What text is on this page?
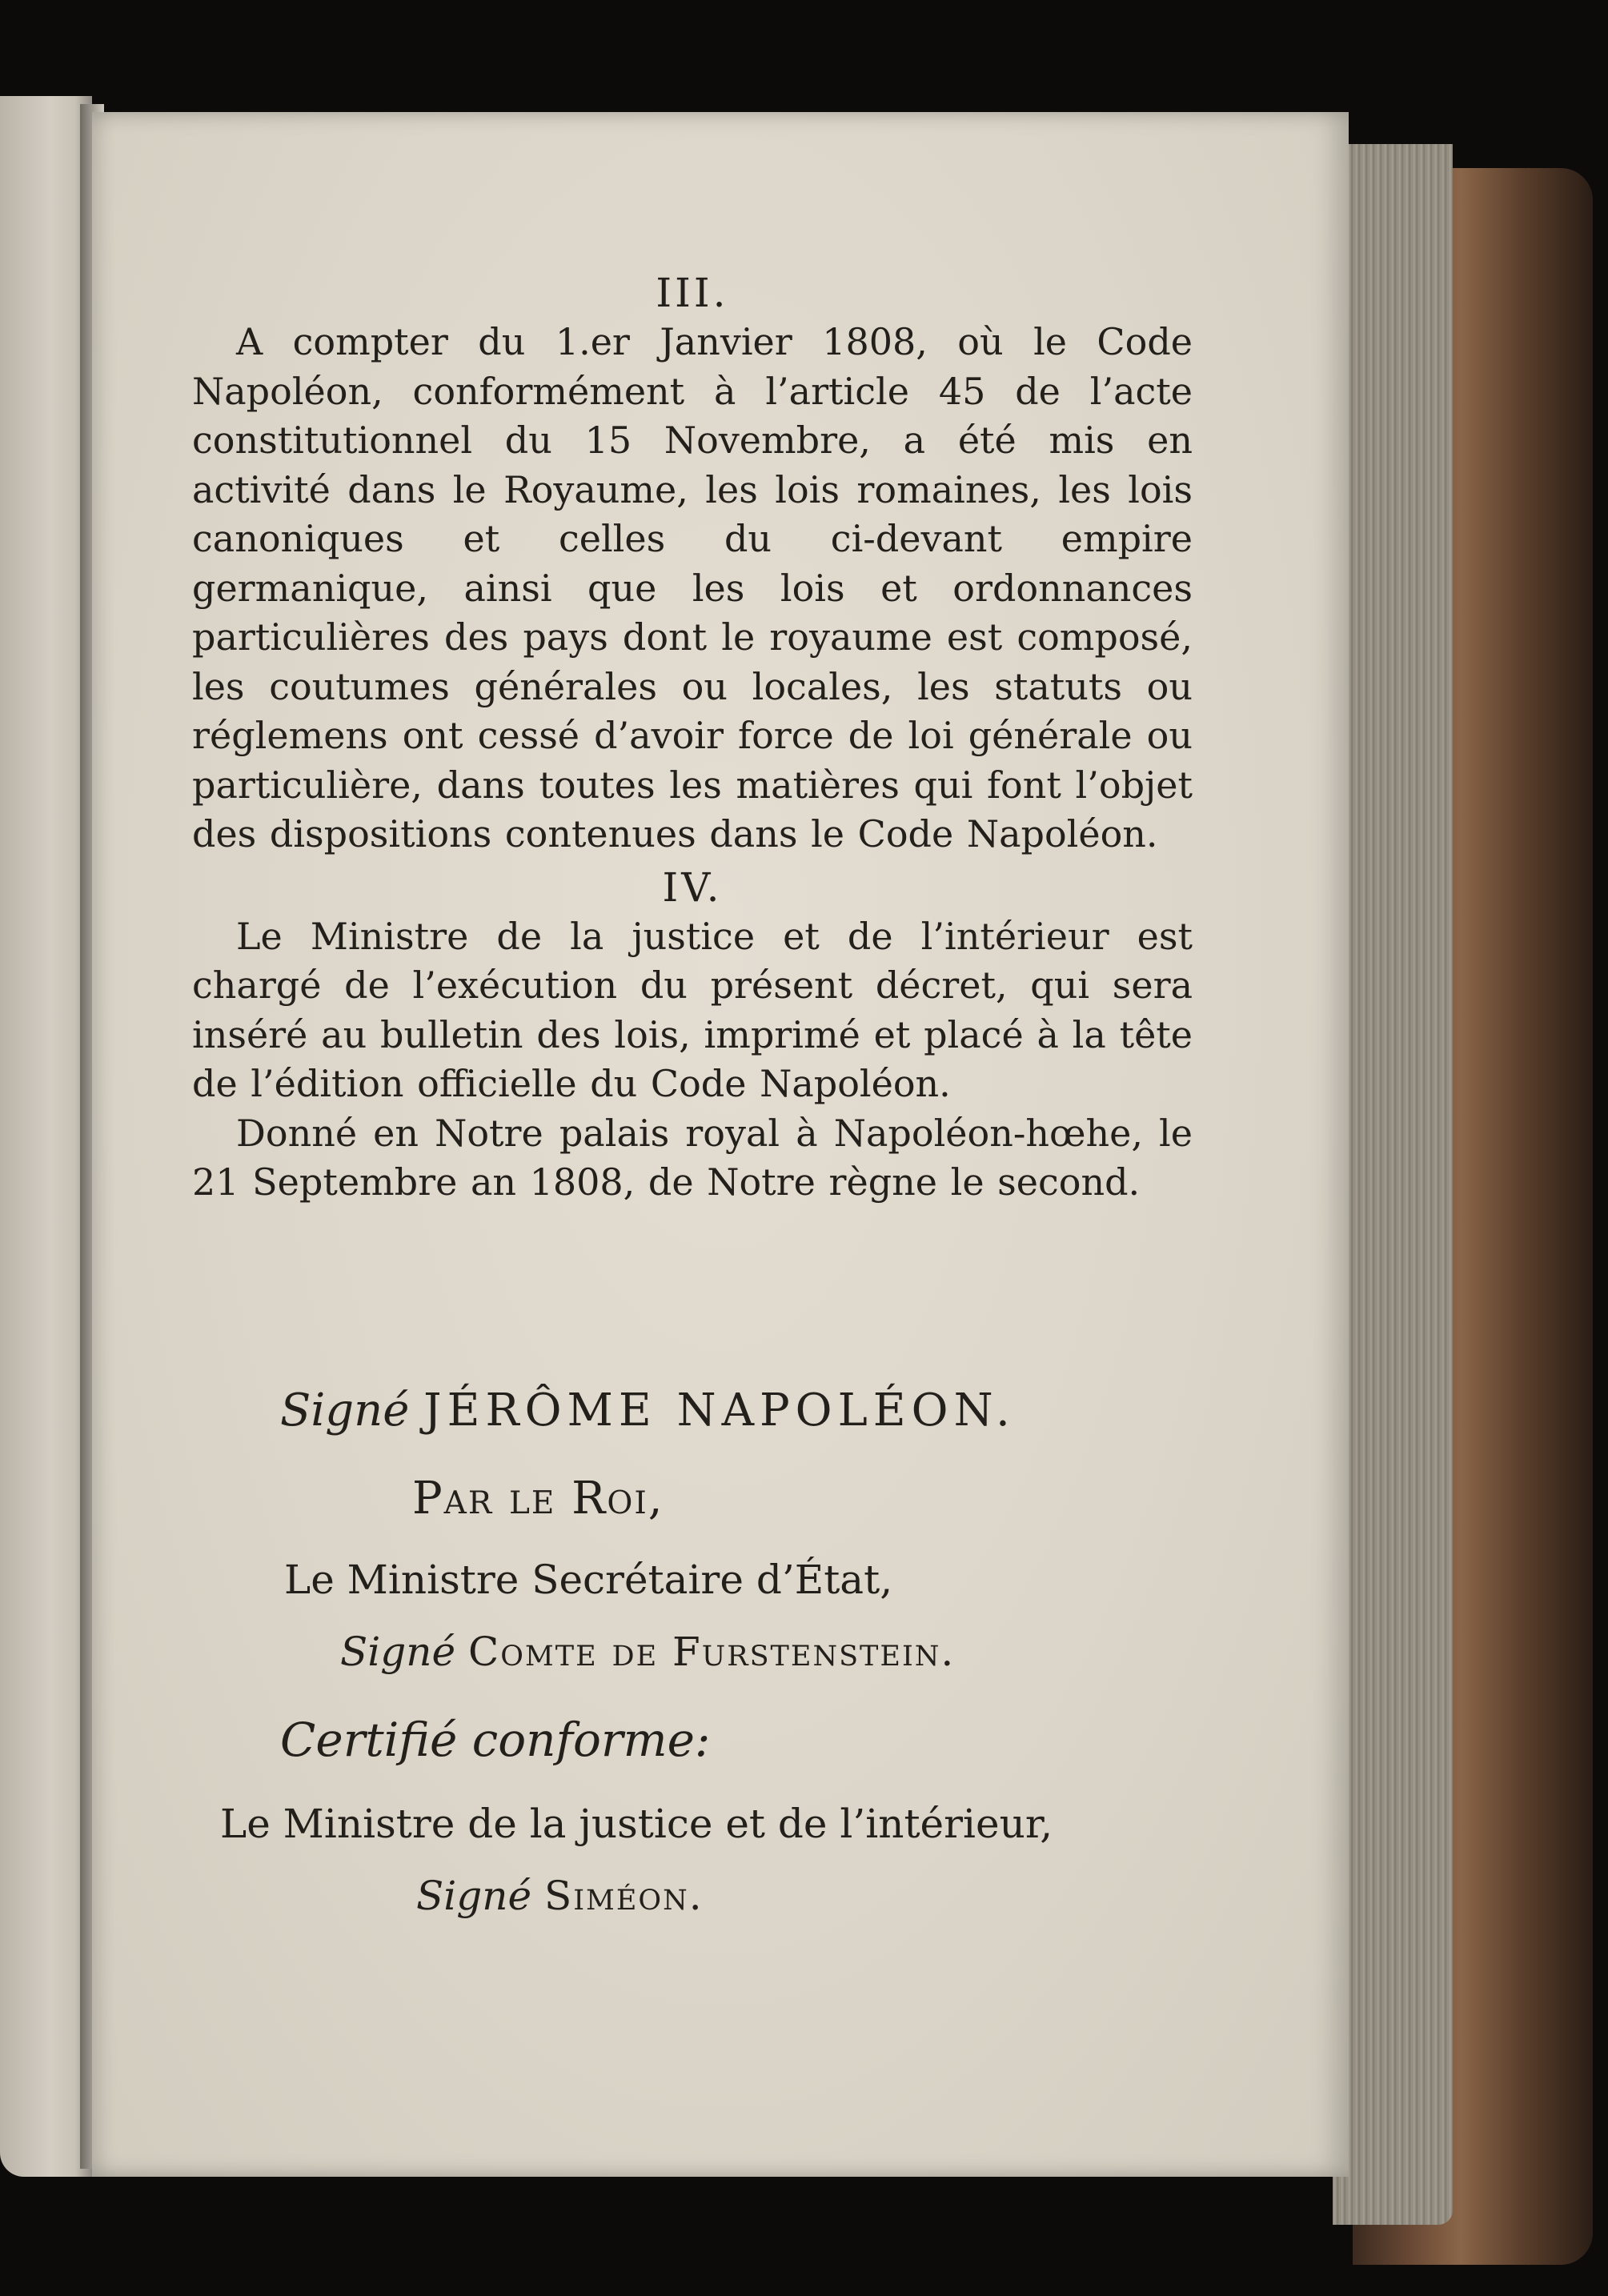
III.

A compter du 1.er Janvier 1808, où le Code Napoléon, conformément à l’article 45 de l’acte constitutionnel du 15 Novembre, a été mis en activité dans le Royaume, les lois romaines, les lois canoniques et celles du ci-devant empire germanique, ainsi que les lois et ordonnances particulières des pays dont le royaume est composé, les coutumes générales ou locales, les statuts ou réglemens ont cessé d’avoir force de loi générale ou particulière, dans toutes les matières qui font l’objet des dispositions contenues dans le Code Napoléon.

IV.

Le Ministre de la justice et de l’intérieur est chargé de l’exécution du présent décret, qui sera inséré au bulletin des lois, imprimé et placé à la tête de l’édition officielle du Code Napoléon.

Donné en Notre palais royal à Napoléon-hœhe, le 21 Septembre an 1808, de Notre règne le second.

Signé JÉRÔME NAPOLÉON.
Par le Roi,
Le Ministre Secrétaire d’État,
Signé Comte de Furstenstein.
Certifié conforme:
Le Ministre de la justice et de l’intérieur,
Signé Siméon.
